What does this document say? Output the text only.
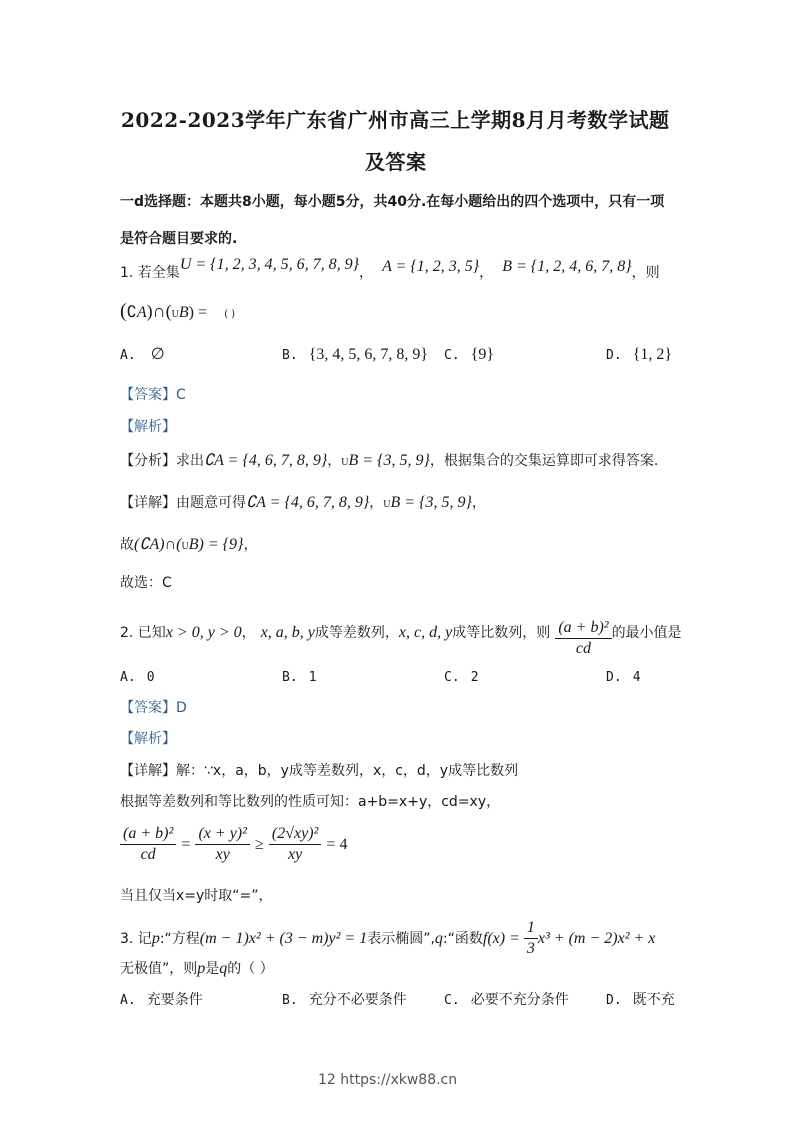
2022-2023学年广东省广州市高三上学期8月月考数学试题
及答案
一d选择题：本题共8小题，每小题5分，共40分.在每小题给出的四个选项中，只有一项
是符合题目要求的.
1. 若全集U = {1, 2, 3, 4, 5, 6, 7, 8, 9}， A = {1, 2, 3, 5}， B = {1, 2, 4, 6, 7, 8}，则
(∁A)∩(UB) = ( )
A. ∅	B. {3, 4, 5, 6, 7, 8, 9} C. {9}	D. {1, 2}
【答案】C
【解析】
【分析】求出∁A = {4, 6, 7, 8, 9}，UB = {3, 5, 9}，根据集合的交集运算即可求得答案.
【详解】由题意可得∁A = {4, 6, 7, 8, 9}，UB = {3, 5, 9}，
故(∁A)∩(UB) = {9}，
故选：C
2. 已知x > 0, y > 0， x, a, b, y成等差数列，x, c, d, y成等比数列，则 $\frac{\text{(a + b)²}}{cd}$ 的最小值是
A. 0	B. 1	C. 2	D. 4
【答案】D
【解析】
【详解】解：∵x，a，b，y成等差数列，x，c，d，y成等比数列
根据等差数列和等比数列的性质可知：a+b=x+y，cd=xy，
$\frac{\text{(a + b)²}}{cd} = \frac{\text{(x + y)²}}{xy} \ge \frac{\text{(2√xy)²}}{xy} = 4$
当且仅当x=y时取“=”，
3. 记p:“方程(m − 1)x² + (3 − m)y² = 1表示椭圆”,q:“函数$f(x) = \frac{1}{3} x^3 + (m - 2)x^2 + x$
无极值”，则p是q的（ ）
A. 充要条件	B. 充分不必要条件	C. 必要不充分条件	D. 既不充
12 https://xkw88.cn
